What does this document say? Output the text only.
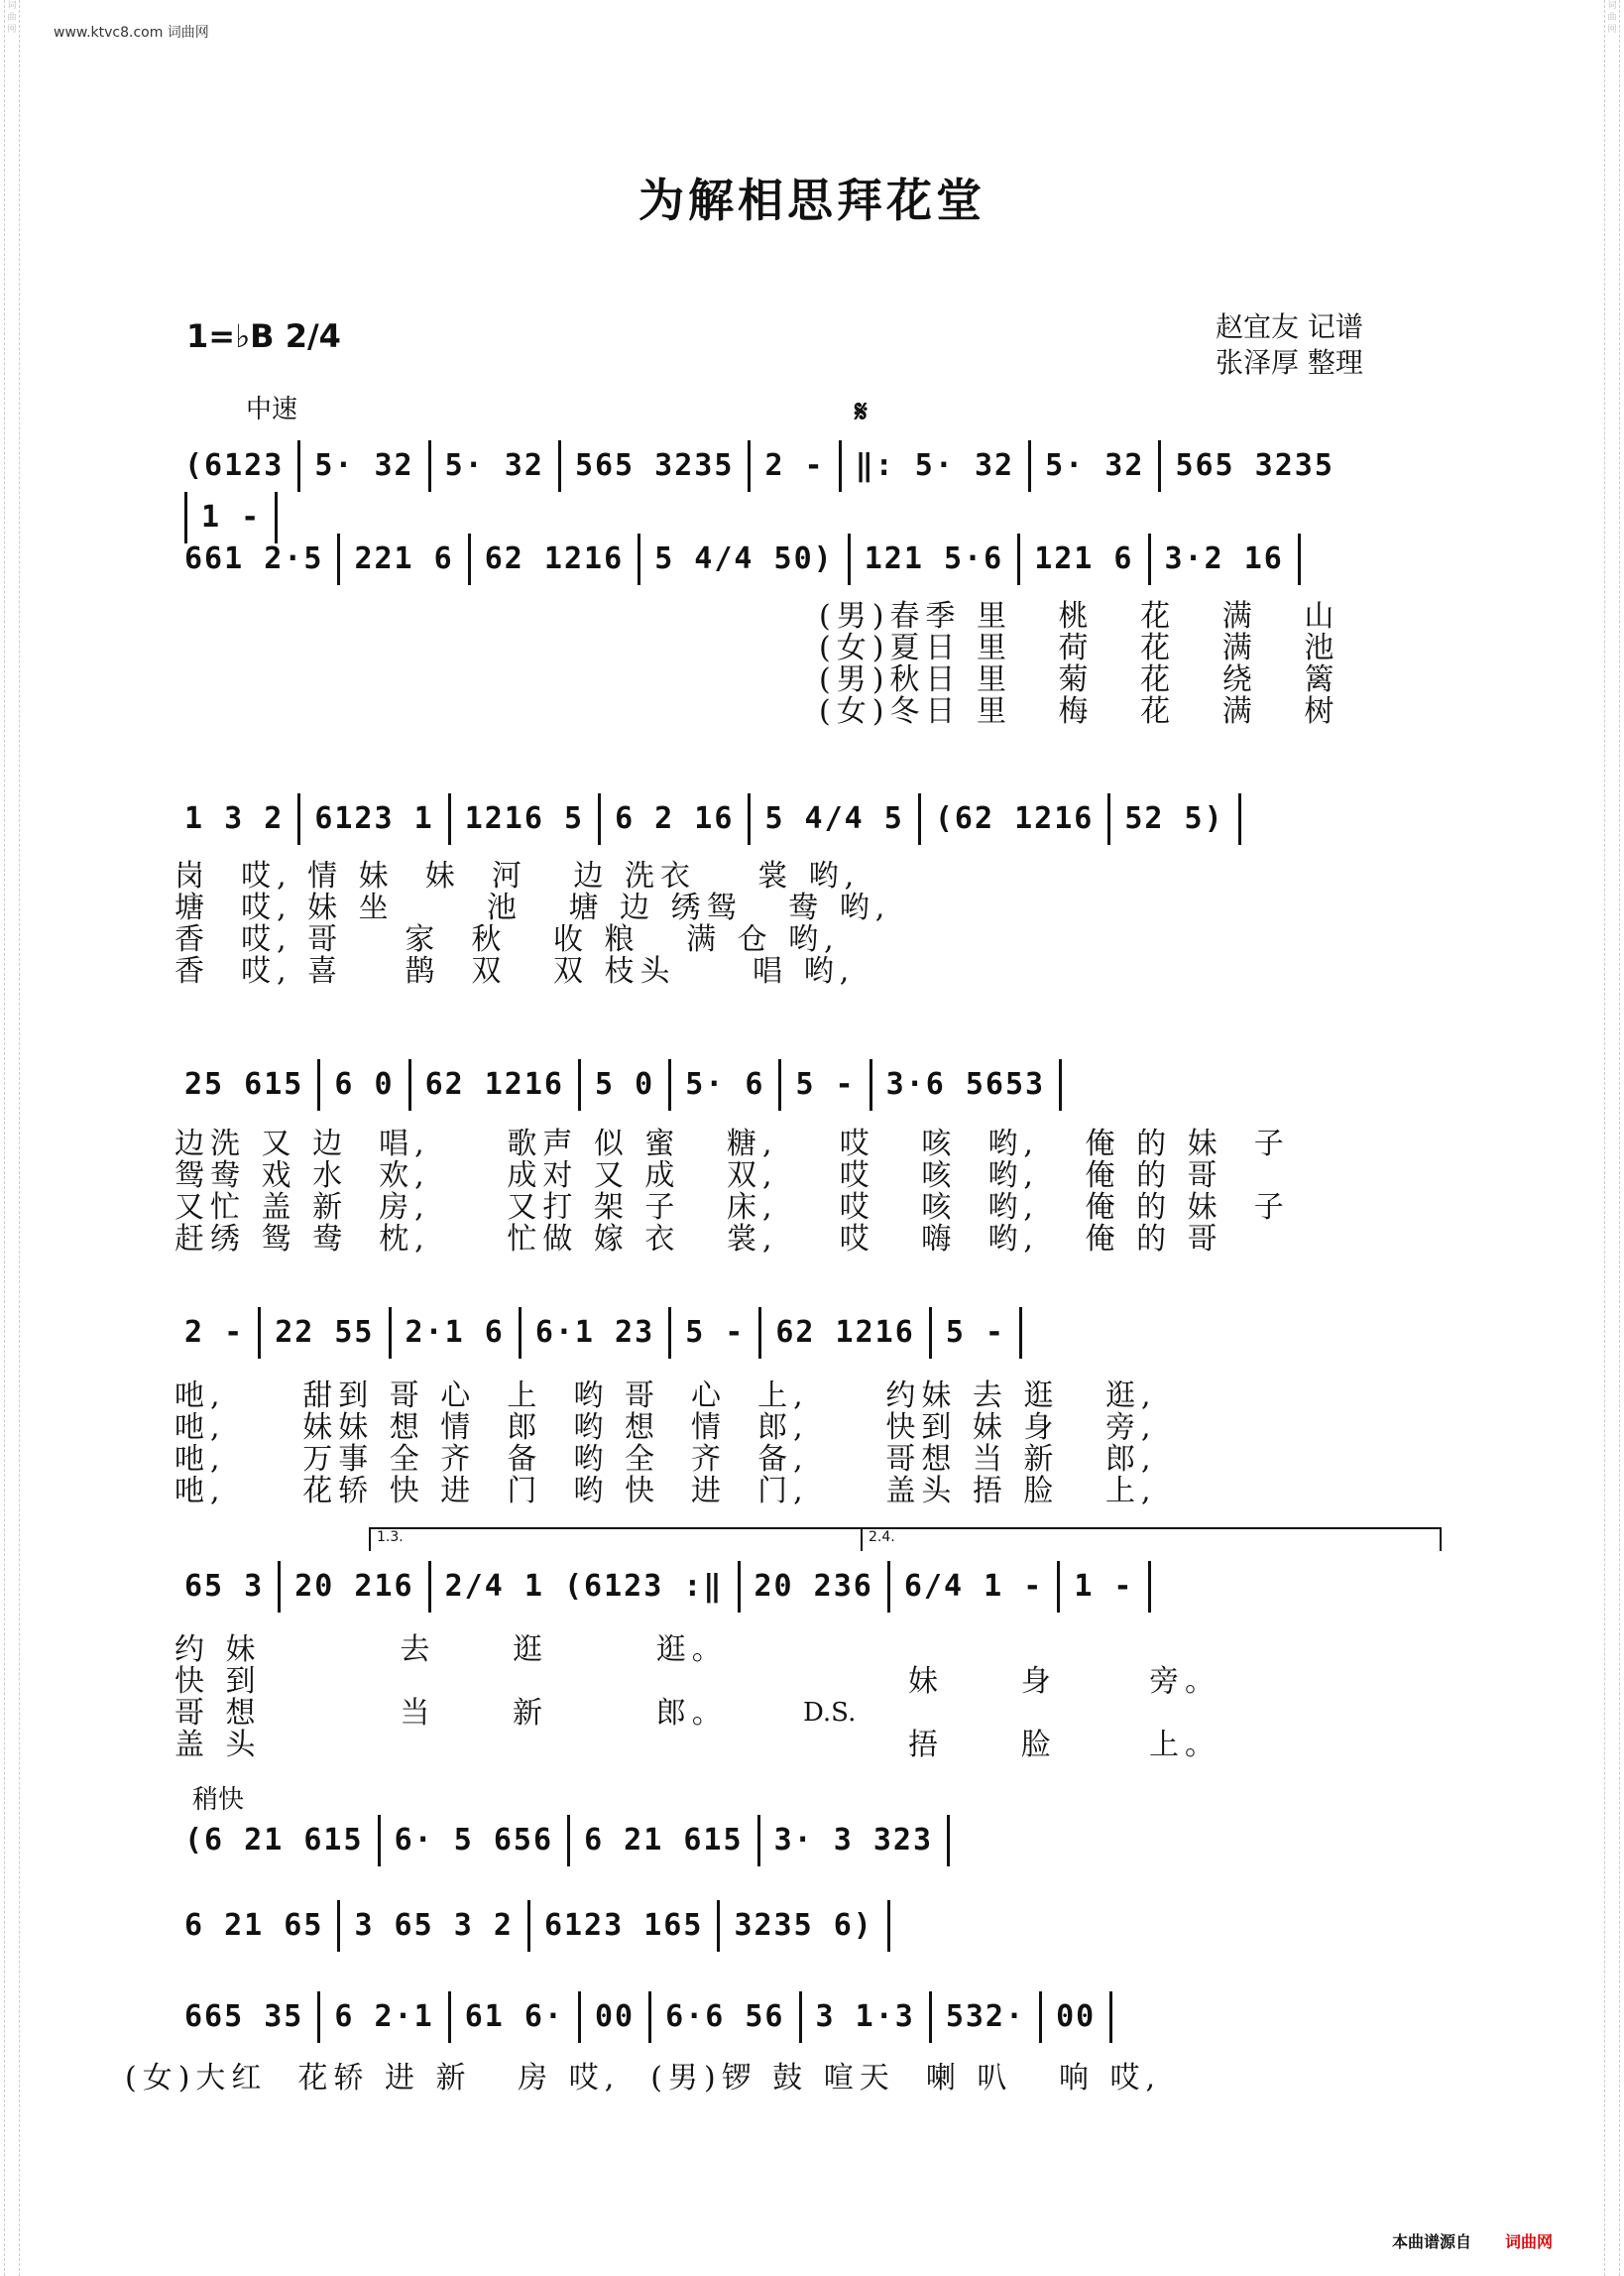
词曲网
词曲网
www.ktvc8.com 词曲网
为解相思拜花堂
1=♭B 2/4	赵宜友 记谱
张泽厚 整理
中速	𝄋
(6123 5· 32 5· 32 565 3235 2 - ‖: 5· 32 5· 32 565 32351 -
661 2·5 221 6 62 1216 5 4/4 50) 121 5·6 121 6 3·2 16
(男)春季 里   桃   花   满   山
(女)夏日 里   荷   花   满   池
(男)秋日 里   菊   花   绕   篱
(女)冬日 里   梅   花   满   树
1 3 2 6123 1 1216 5 6 2 16 5 4/4 5 (62 1216 52 5)
岗  哎, 情 妹  妹  河   边 洗衣    裳 哟,
塘  哎, 妹 坐      池   塘 边 绣鸳   鸯 哟,
香  哎, 哥    家  秋   收 粮   满 仓 哟,
香  哎, 喜    鹊  双   双 枝头     唱 哟,
25 615 6 0 62 1216 5 0 5· 6 5 - 3·6 5653
边洗 又 边  唱,     歌声 似 蜜   糖,    哎   咳  哟,   俺 的 妹  子
鸳鸯 戏 水  欢,     成对 又 成   双,    哎   咳  哟,   俺 的 哥
又忙 盖 新  房,     又打 架 子   床,    哎   咳  哟,   俺 的 妹  子
赶绣 鸳 鸯  枕,     忙做 嫁 衣   裳,    哎   嗨  哟,   俺 的 哥
2 - 22 55 2·1 6 6·1 23 5 - 62 1216 5 -
吔,     甜到 哥 心  上  哟 哥  心  上,     约妹 去 逛   逛,
吔,     妹妹 想 情  郎  哟 想  情  郎,     快到 妹 身   旁,
吔,     万事 全 齐  备  哟 全  齐  备,     哥想 当 新   郎,
吔,     花轿 快 进  门  哟 快  进  门,     盖头 捂 脸   上,
1.3.	2.4.
65 3 20 216 2/4 1 (6123 :‖ 20 236 6/4 1 - 1 -
约 妹         去     逛       逛。
快 到                                          妹     身      旁。
哥 想         当     新       郎。
盖 头                                          捂     脸      上。
D.S.
稍快
(6 21 615 6· 5 656 6 21 615 3· 3 323
6 21 65 3 65 3 2 6123 165 3235 6)
665 35 6 2·1 61 6· 00 6·6 56 3 1·3 532· 00
(女)大红  花轿 进 新   房 哎,  (男)锣 鼓 喧天  喇 叭   响 哎,
本曲谱源自 词曲网
